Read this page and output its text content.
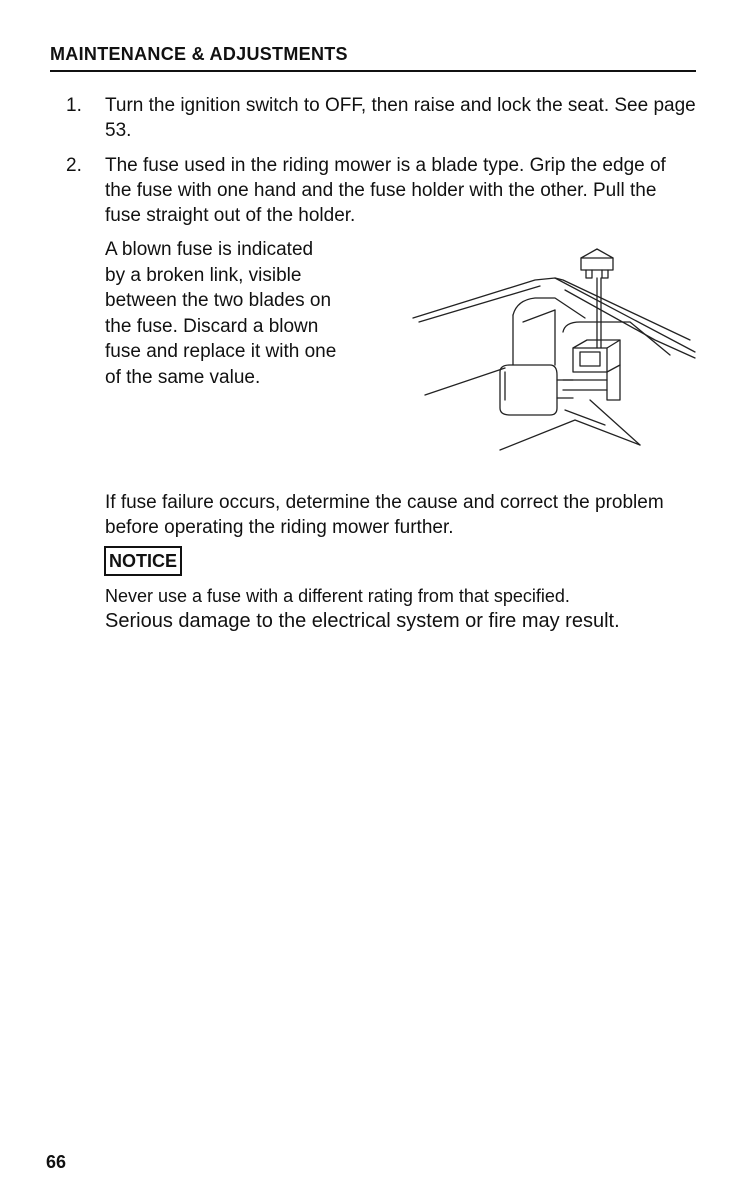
MAINTENANCE & ADJUSTMENTS
1. Turn the ignition switch to OFF, then raise and lock the seat. See page 53.
2. The fuse used in the riding mower is a blade type. Grip the edge of the fuse with one hand and the fuse holder with the other. Pull the fuse straight out of the holder.
A blown fuse is indicated
by a broken link, visible
between the two blades on
the fuse. Discard a blown
fuse and replace it with one
of the same value.
If fuse failure occurs, determine the cause and correct the problem before operating the riding mower further.
NOTICE
Never use a fuse with a different rating from that specified.
Serious damage to the electrical system or fire may result.
66
